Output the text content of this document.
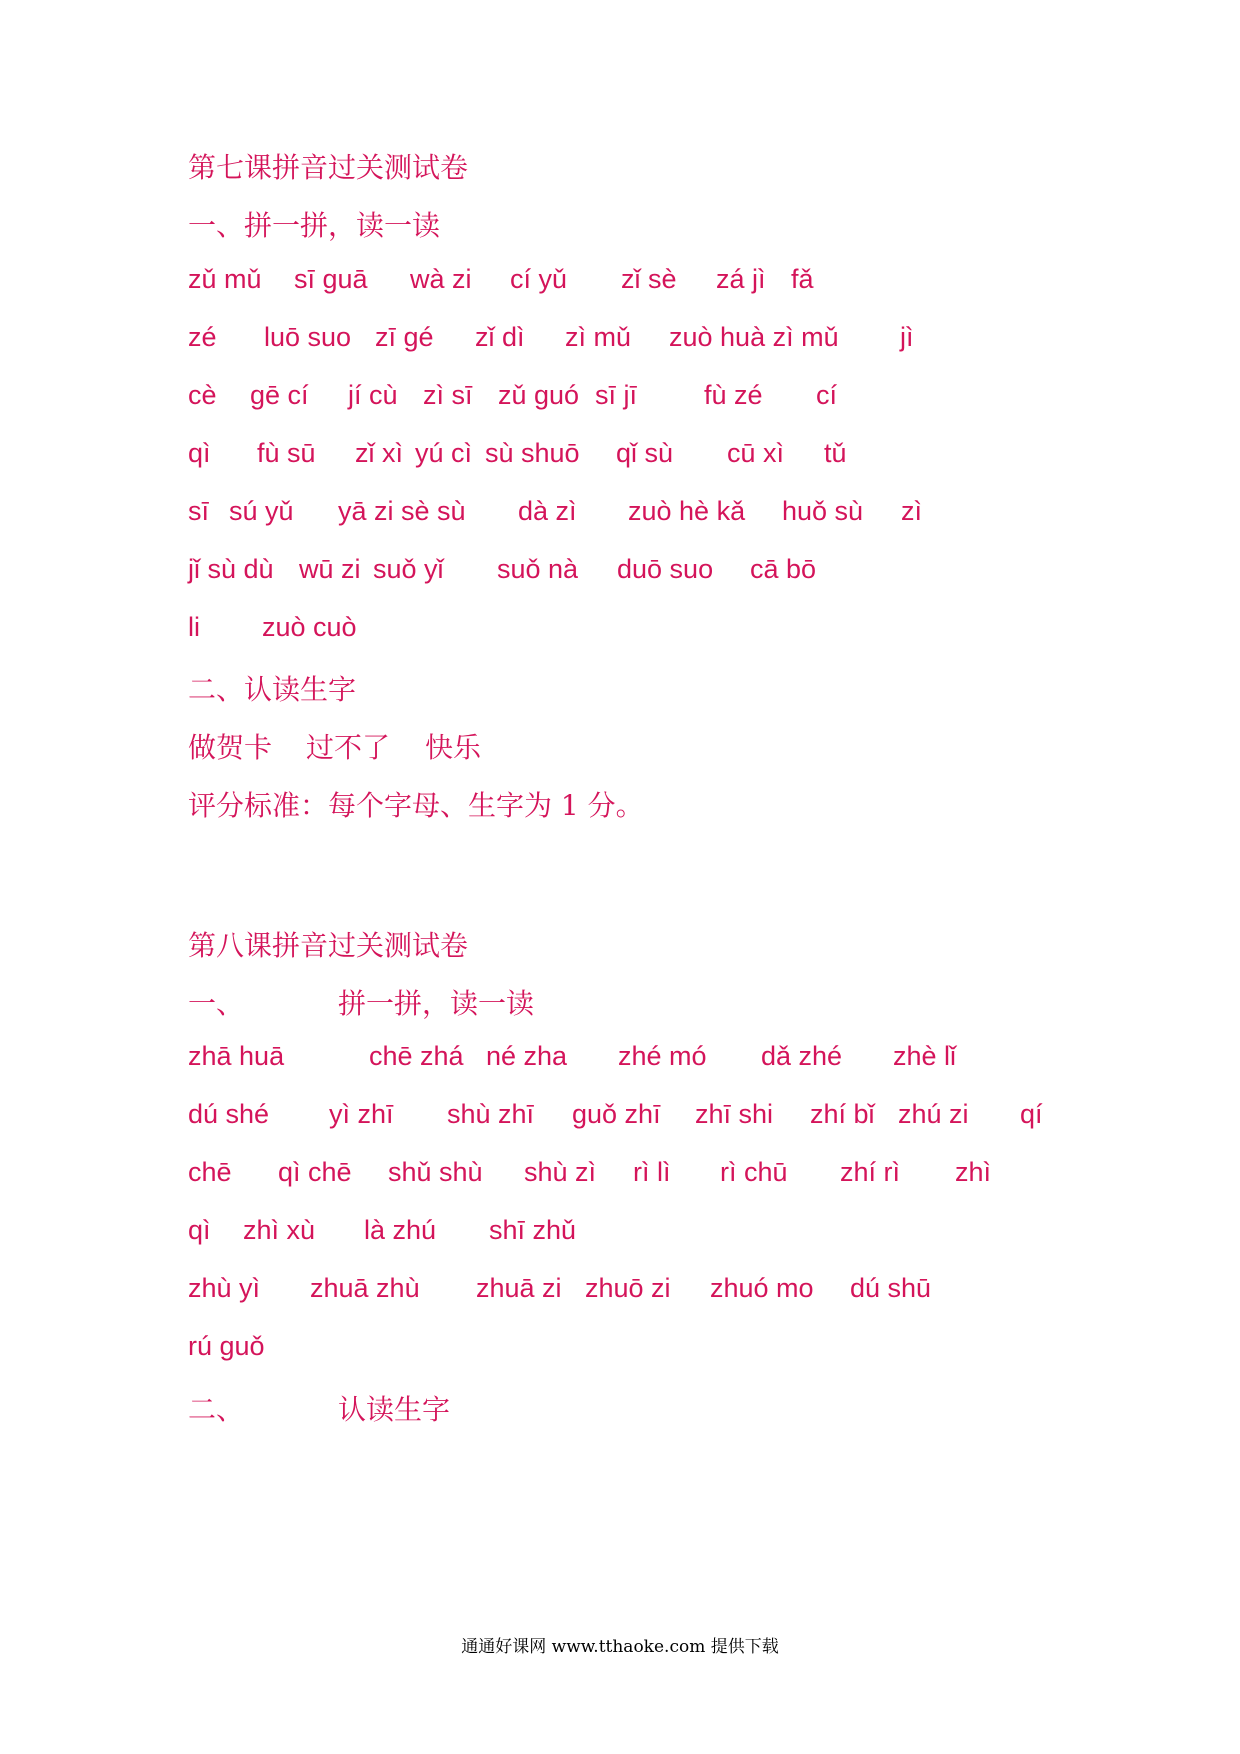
第七课拼音过关测试卷
一、拼一拼，读一读
zǔ mǔ sī guā wà zi cí yǔ zǐ sè zá jì fǎ
zé luō suo zī gé zǐ dì zì mǔ zuò huà zì mǔ jì
cè gē cí jí cù zì sī zǔ guó sī jī fù zé cí
qì fù sū zǐ xì yú cì sù shuō qǐ sù cū xì tǔ
sī sú yǔ yā zi sè sù dà zì zuò hè kǎ huǒ sù zì
jǐ sù dù wū zi suǒ yǐ suǒ nà duō suo cā bō
li zuò cuò
二、认读生字
做贺卡 过不了 快乐
评分标准：每个字母、生字为 1 分。
第八课拼音过关测试卷
一、	拼一拼，读一读
zhā huā	chē zhá né zha zhé mó dǎ zhé zhè lǐ
dú shé yì zhī shù zhī guǒ zhī zhī shi zhí bǐ zhú zi qí
chē qì chē shǔ shù shù zì rì lì rì chū zhí rì zhì
qì zhì xù là zhú shī zhǔ
zhù yì zhuā zhù zhuā zi zhuō zi zhuó mo dú shū
rú guǒ
二、	认读生字
通通好课网 www.tthaoke.com 提供下载
